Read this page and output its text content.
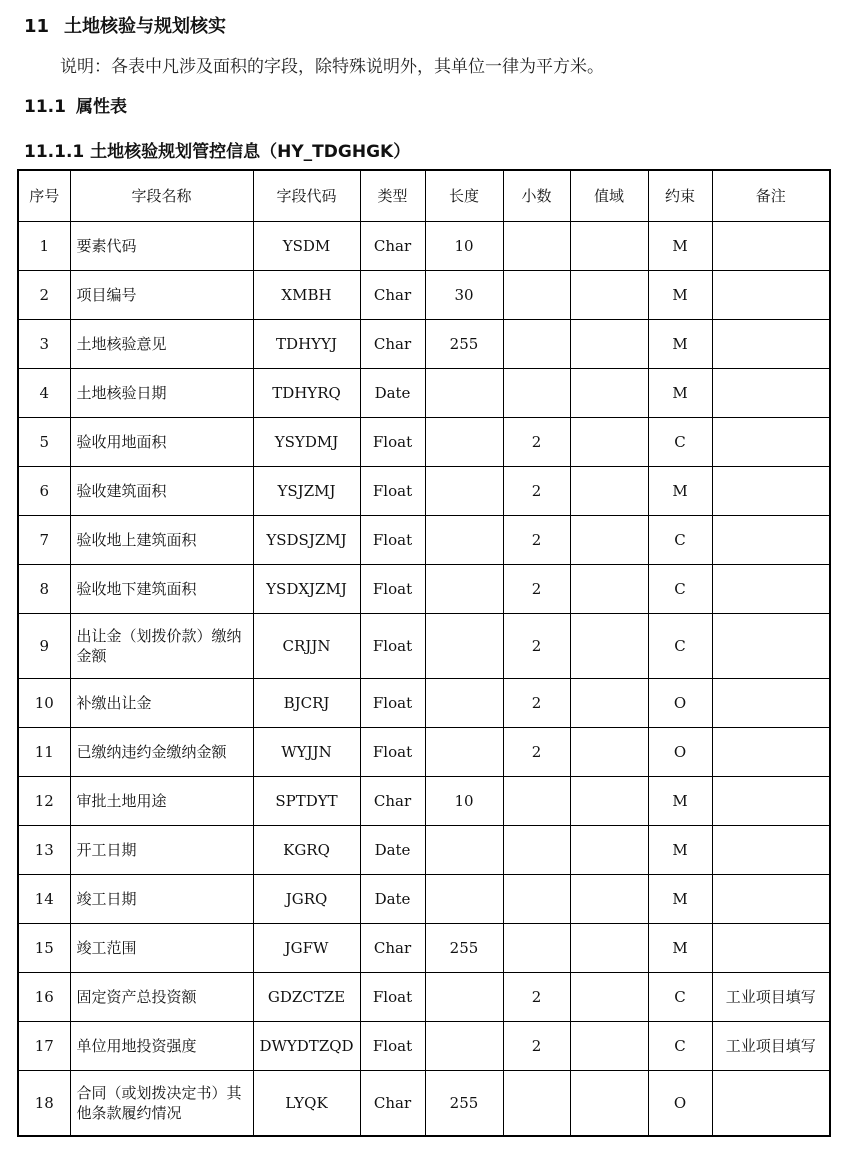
11 土地核验与规划核实
说明：各表中凡涉及面积的字段，除特殊说明外，其单位一律为平方米。
11.1 属性表
11.1.1 土地核验规划管控信息（HY_TDGHGK）
序号	字段名称	字段代码	类型	长度	小数	值域	约束	备注
1	要素代码	YSDM	Char	10			M	
2	项目编号	XMBH	Char	30			M	
3	土地核验意见	TDHYYJ	Char	255			M	
4	土地核验日期	TDHYRQ	Date				M	
5	验收用地面积	YSYDMJ	Float		2		C	
6	验收建筑面积	YSJZMJ	Float		2		M	
7	验收地上建筑面积	YSDSJZMJ	Float		2		C	
8	验收地下建筑面积	YSDXJZMJ	Float		2		C	
9	出让金（划拨价款）缴纳金额	CRJJN	Float		2		C	
10	补缴出让金	BJCRJ	Float		2		O	
11	已缴纳违约金缴纳金额	WYJJN	Float		2		O	
12	审批土地用途	SPTDYT	Char	10			M	
13	开工日期	KGRQ	Date				M	
14	竣工日期	JGRQ	Date				M	
15	竣工范围	JGFW	Char	255			M	
16	固定资产总投资额	GDZCTZE	Float		2		C	工业项目填写
17	单位用地投资强度	DWYDTZQD	Float		2		C	工业项目填写
18	合同（或划拨决定书）其他条款履约情况	LYQK	Char	255			O	
